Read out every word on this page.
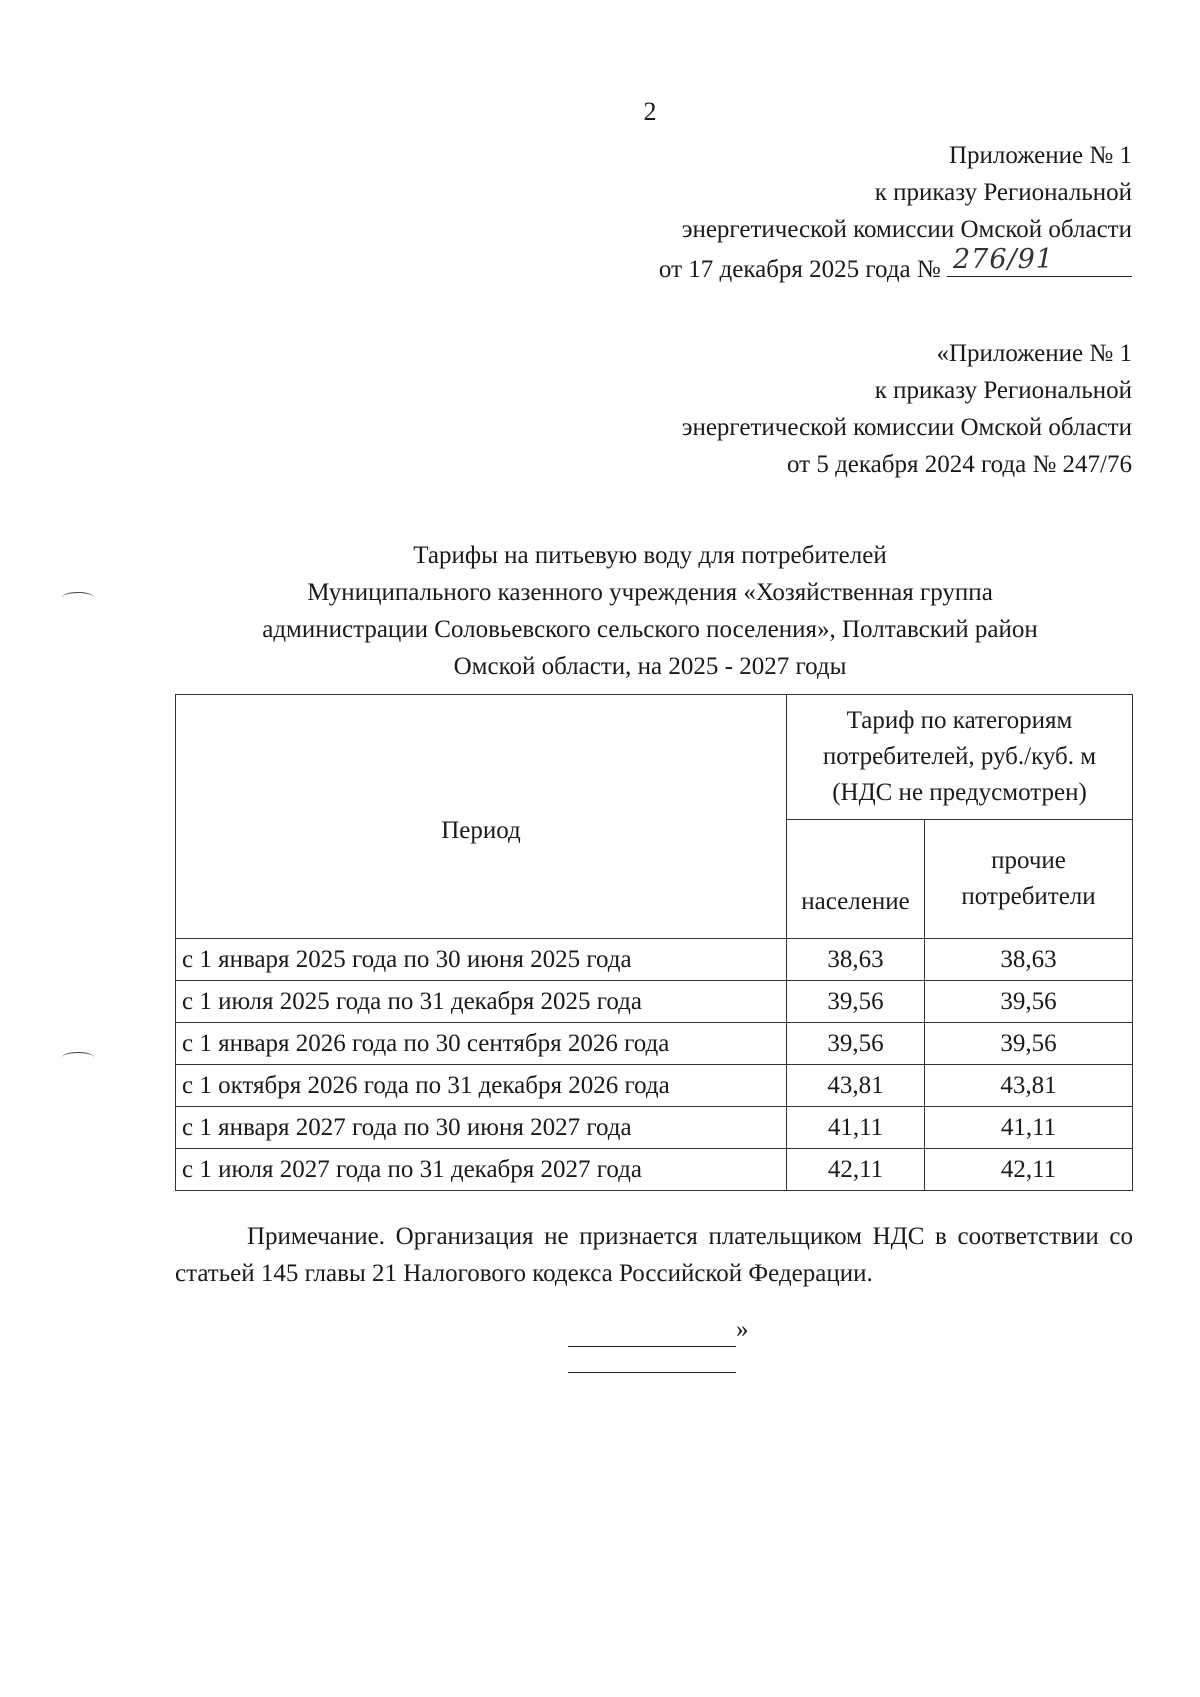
2
Приложение № 1
к приказу Региональной
энергетической комиссии Омской области
от 17 декабря 2025 года № 276/91
«Приложение № 1
к приказу Региональной
энергетической комиссии Омской области
от 5 декабря 2024 года № 247/76
Тарифы на питьевую воду для потребителей
Муниципального казенного учреждения «Хозяйственная группа
администрации Соловьевского сельского поселения», Полтавский район
Омской области, на 2025 - 2027 годы
Период	Тариф по категориям
потребителей, руб./куб. м
(НДС не предусмотрен)	
	население	прочие
потребители
с 1 января 2025 года по 30 июня 2025 года	38,63	38,63
с 1 июля 2025 года по 31 декабря 2025 года	39,56	39,56
с 1 января 2026 года по 30 сентября 2026 года	39,56	39,56
с 1 октября 2026 года по 31 декабря 2026 года	43,81	43,81
с 1 января 2027 года по 30 июня 2027 года	41,11	41,11
с 1 июля 2027 года по 31 декабря 2027 года	42,11	42,11
Примечание. Организация не признается плательщиком НДС в соответствии со статьей 145 главы 21 Налогового кодекса Российской Федерации.
»
